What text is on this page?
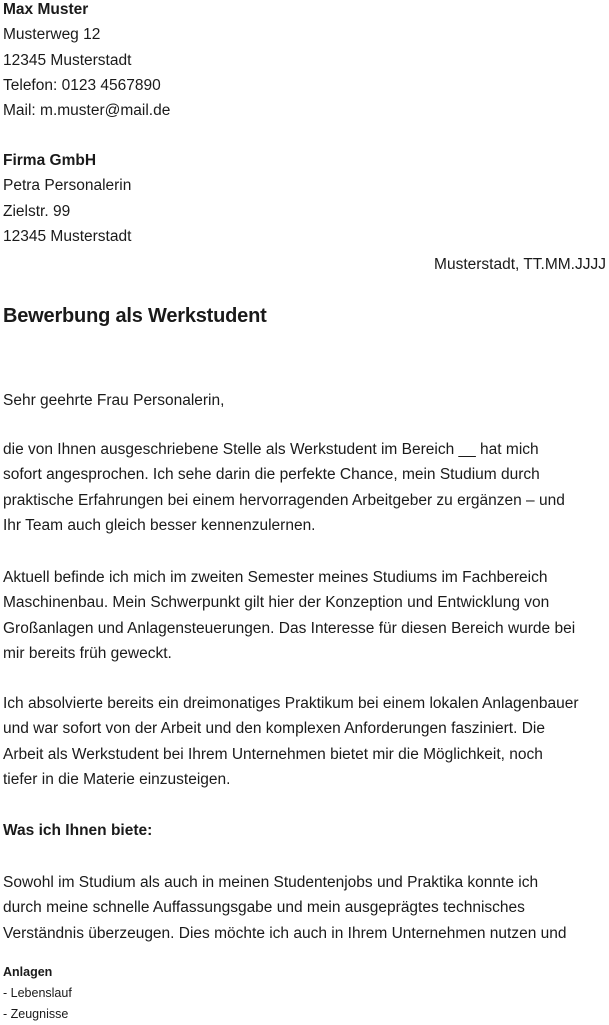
Max Muster
Musterweg 12
12345 Musterstadt
Telefon: 0123 4567890
Mail: m.muster@mail.de
Firma GmbH
Petra Personalerin
Zielstr. 99
12345 Musterstadt
Musterstadt, TT.MM.JJJJ
Bewerbung als Werkstudent
Sehr geehrte Frau Personalerin,
die von Ihnen ausgeschriebene Stelle als Werkstudent im Bereich __ hat mich
sofort angesprochen. Ich sehe darin die perfekte Chance, mein Studium durch
praktische Erfahrungen bei einem hervorragenden Arbeitgeber zu ergänzen – und
Ihr Team auch gleich besser kennenzulernen.
Aktuell befinde ich mich im zweiten Semester meines Studiums im Fachbereich
Maschinenbau. Mein Schwerpunkt gilt hier der Konzeption und Entwicklung von
Großanlagen und Anlagensteuerungen. Das Interesse für diesen Bereich wurde bei
mir bereits früh geweckt.
Ich absolvierte bereits ein dreimonatiges Praktikum bei einem lokalen Anlagenbauer
und war sofort von der Arbeit und den komplexen Anforderungen fasziniert. Die
Arbeit als Werkstudent bei Ihrem Unternehmen bietet mir die Möglichkeit, noch
tiefer in die Materie einzusteigen.
Was ich Ihnen biete:
Sowohl im Studium als auch in meinen Studentenjobs und Praktika konnte ich
durch meine schnelle Auffassungsgabe und mein ausgeprägtes technisches
Verständnis überzeugen. Dies möchte ich auch in Ihrem Unternehmen nutzen und
Anlagen
- Lebenslauf
- Zeugnisse
